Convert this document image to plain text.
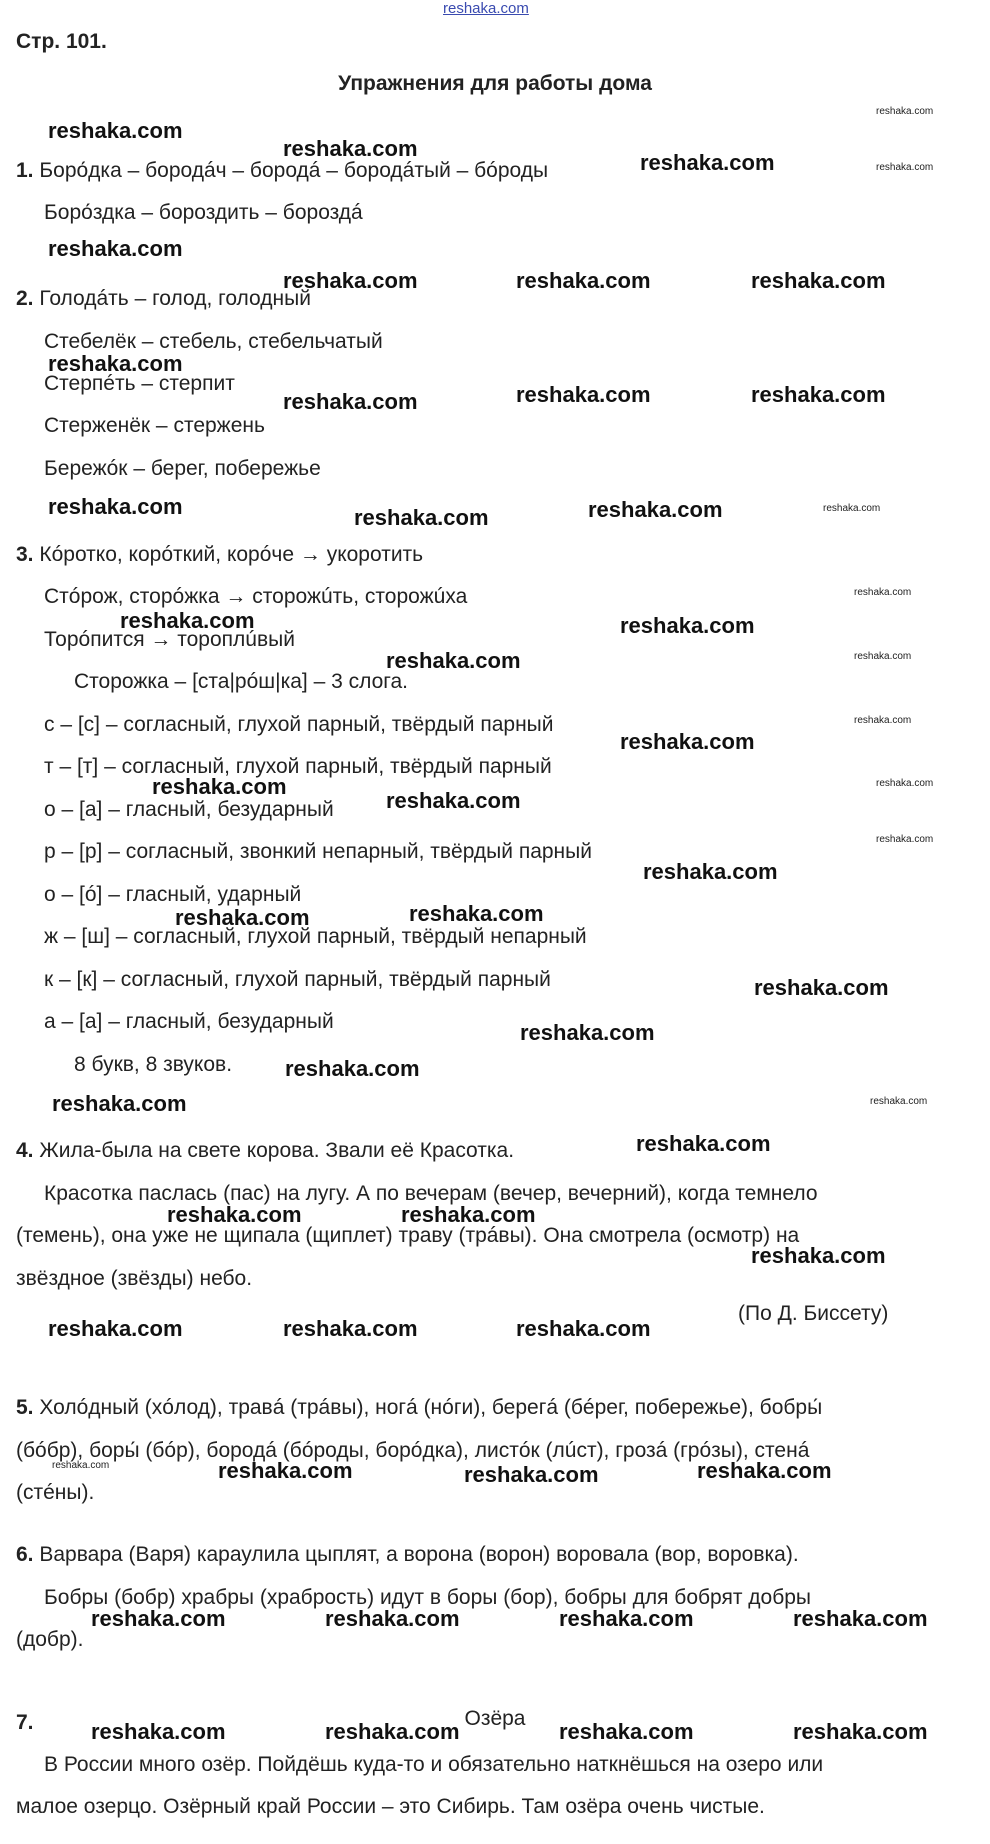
reshaka.com
Стр. 101.
Упражнения для работы дома
1. Боро́дка – бородáч – бородá – бородáтый – бóроды
Боро́здка – бороздить – бороздá
2. Голодáть – голод, голодный
Стебелёк – стебель, стебельчатый
Стерпéть – стерпит
Стерженёк – стержень
Бережóк – берег, побережье
3. Кóротко, корóткий, корóче → укоротить
Стóрож, сторóжка → сторожúть, сторожúха
Торóпится → тороплúвый
Сторожка – [ста|рóш|ка] – 3 слога.
с – [с] – согласный, глухой парный, твёрдый парный
т – [т] – согласный, глухой парный, твёрдый парный
о – [а] – гласный, безударный
р – [р] – согласный, звонкий непарный, твёрдый парный
о – [ó] – гласный, ударный
ж – [ш] – согласный, глухой парный, твёрдый непарный
к – [к] – согласный, глухой парный, твёрдый парный
а – [а] – гласный, безударный
8 букв, 8 звуков.
4. Жила-была на свете корова. Звали её Красотка.
Красотка паслась (пас) на лугу. А по вечерам (вечер, вечерний), когда темнело
(темень), она уже не щипала (щиплет) траву (трáвы). Она смотрела (осмотр) на
звёздное (звёзды) небо.
(По Д. Биссету)
5. Холóдный (хóлод), травá (трáвы), ногá (нóги), берегá (бéрег, побережье), бобры́
(бóбр), боры́ (бóр), бородá (бóроды, борóдка), листóк (лúст), грозá (грóзы), стенá
(стéны).
6. Варвара (Варя) караулила цыплят, а ворона (ворон) воровала (вор, воровка).
Бобры (бобр) храбры (храбрость) идут в боры (бор), бобры для бобрят добры
(добр).
7.	Озёра
В России много озёр. Пойдёшь куда-то и обязательно наткнёшься на озеро или
малое озерцо. Озёрный край России – это Сибирь. Там озёра очень чистые.
reshaka.com
reshaka.com
reshaka.com
reshaka.com
reshaka.com
reshaka.com
reshaka.com	reshaka.com	reshaka.com
reshaka.com
reshaka.com	reshaka.com	reshaka.com
reshaka.com	reshaka.com	reshaka.com	reshaka.com
reshaka.com	reshaka.com
reshaka.com
reshaka.com	reshaka.com
reshaka.com
reshaka.com
reshaka.com	reshaka.com
reshaka.com
reshaka.com
reshaka.com
reshaka.com	reshaka.com
reshaka.com
reshaka.com
reshaka.com
reshaka.com	reshaka.com
reshaka.com
reshaka.com	reshaka.com
reshaka.com
reshaka.com	reshaka.com	reshaka.com
reshaka.com	reshaka.com	reshaka.com	reshaka.com
reshaka.com	reshaka.com	reshaka.com	reshaka.com
reshaka.com	reshaka.com	reshaka.com	reshaka.com
